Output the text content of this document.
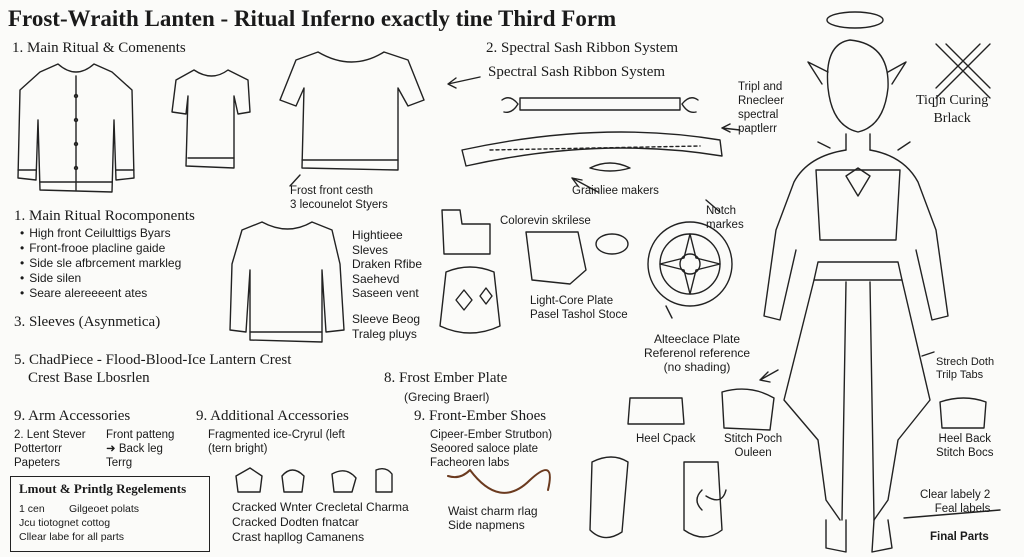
Frost-Wraith Lanten - Ritual Inferno exactly tine Third Form
1. Main Ritual & Comenents	2. Spectral Sash Ribbon System
Spectral Sash Ribbon System
Tripl and
Rnecleer
spectral
paptlerr
Tiqjn Curing
Brlack
Grainliee makers
Notch
markes
Frost front cesth
3 lecounelot Styers
1. Main Ritual Rocomponents
• High front Ceilulttigs Byars
• Front-frooe placline gaide
• Side sle afbrcement markleg
• Side silen
• Seare alereeeent ates
Hightieee
Sleves
Draken Rfibe
Saehevd
Saseen vent
Sleeve Beog
Traleg pluys
3. Sleeves (Asynmetica)
Colorevin skrilese
Light-Core Plate
Pasel Tashol Stoce
Alteeclace Plate
Referenol reference
(no shading)
5. ChadPiece - Flood-Blood-Ice Lantern Crest
Crest Base Lbosrlen	8. Frost Ember Plate
(Grecing Braerl)
Strech Doth
Trilp Tabs
9. Arm Accessories
2. Lent Stever
Pottertorr
Papeters
Front patteng
➜ Back leg
Terrg
9. Additional Accessories
Fragmented ice-Cryrul (left
(tern bright)
Cracked Wnter Crecletal Charma
Cracked Dodten fnatcar
Crast hapllog Camanens
9. Front-Ember Shoes
Cipeer-Ember Strutbon)
Seoored saloce plate
Facheoren labs
Heel Cpack Stitch Poch
Ouleen
Heel Back
Stitch Bocs
Waist charm rlag
Side napmens
Clear labely 2
Feal labels
Final Parts
Lmout & Printlg Regelements
1 cen Gilgeoet polats
Jcu tiotognet cottog
Cllear labe for all parts
